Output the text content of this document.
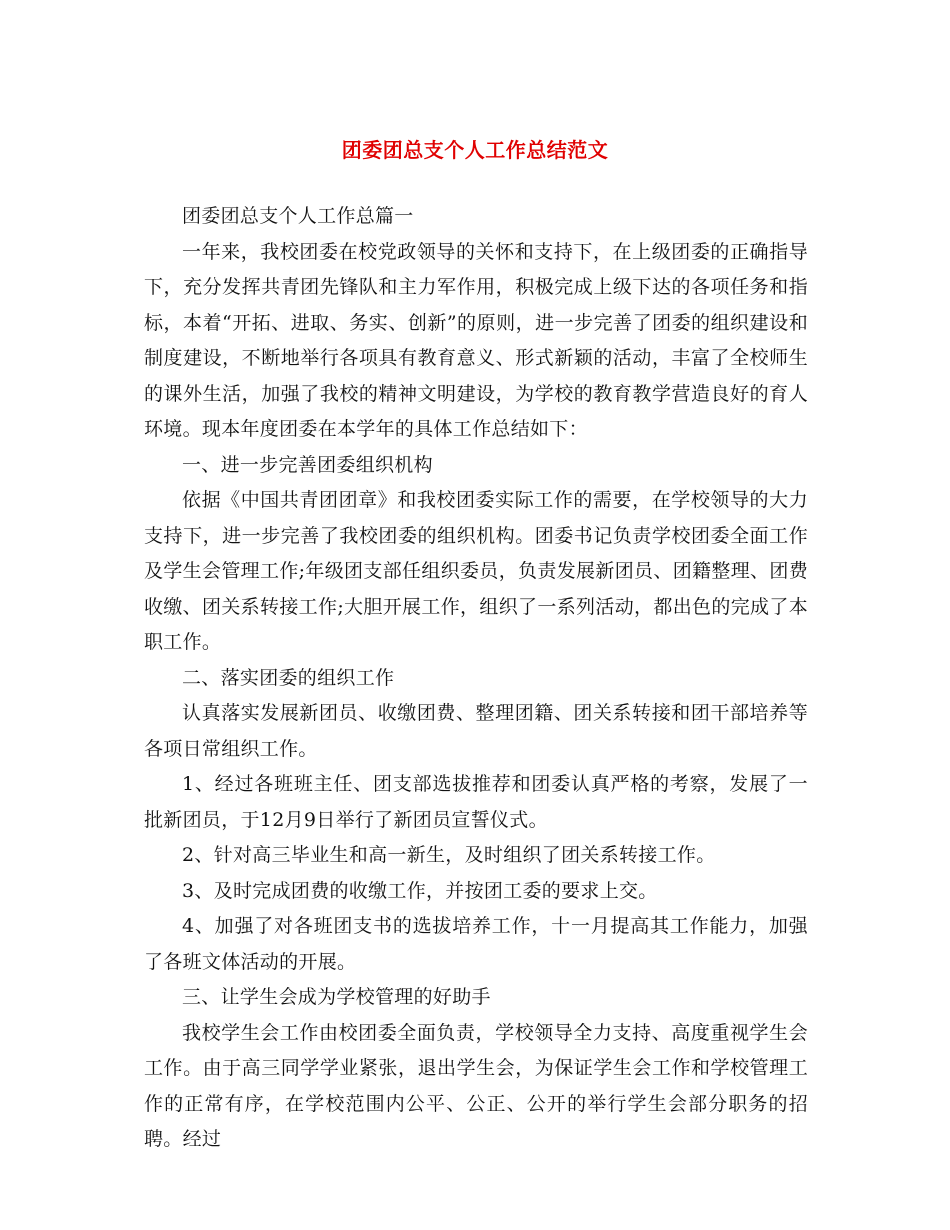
团委团总支个人工作总结范文

团委团总支个人工作总篇一

一年来，我校团委在校党政领导的关怀和支持下，在上级团委的正确指导下，充分发挥共青团先锋队和主力军作用，积极完成上级下达的各项任务和指标，本着“开拓、进取、务实、创新”的原则，进一步完善了团委的组织建设和制度建设，不断地举行各项具有教育意义、形式新颖的活动，丰富了全校师生的课外生活，加强了我校的精神文明建设，为学校的教育教学营造良好的育人环境。现本年度团委在本学年的具体工作总结如下：

一、进一步完善团委组织机构

依据《中国共青团团章》和我校团委实际工作的需要，在学校领导的大力支持下，进一步完善了我校团委的组织机构。团委书记负责学校团委全面工作及学生会管理工作;年级团支部任组织委员，负责发展新团员、团籍整理、团费收缴、团关系转接工作;大胆开展工作，组织了一系列活动，都出色的完成了本职工作。

二、落实团委的组织工作

认真落实发展新团员、收缴团费、整理团籍、团关系转接和团干部培养等各项日常组织工作。

1、经过各班班主任、团支部选拔推荐和团委认真严格的考察，发展了一批新团员，于12月9日举行了新团员宣誓仪式。

2、针对高三毕业生和高一新生，及时组织了团关系转接工作。

3、及时完成团费的收缴工作，并按团工委的要求上交。

4、加强了对各班团支书的选拔培养工作，十一月提高其工作能力，加强了各班文体活动的开展。

三、让学生会成为学校管理的好助手

我校学生会工作由校团委全面负责，学校领导全力支持、高度重视学生会工作。由于高三同学学业紧张，退出学生会，为保证学生会工作和学校管理工作的正常有序，在学校范围内公平、公正、公开的举行学生会部分职务的招聘。经过
